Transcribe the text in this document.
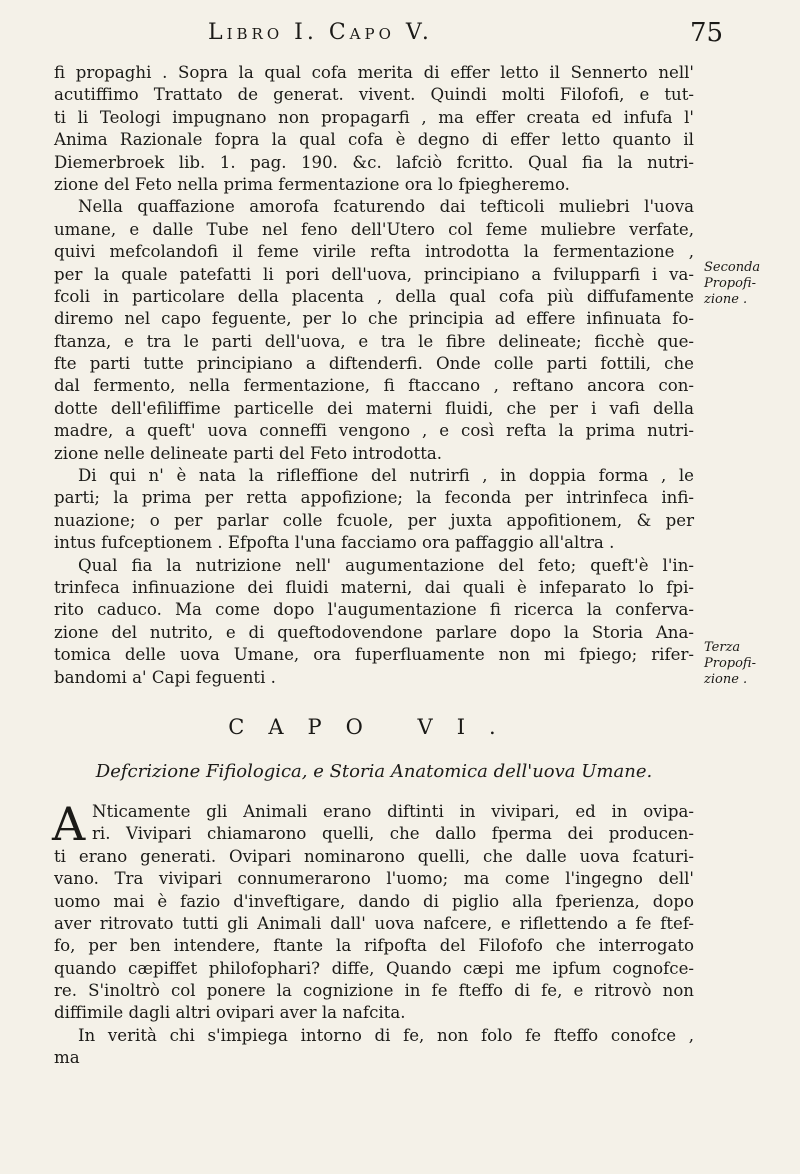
Libro I. Capo V.	75
Seconda
Propofi-
zione .
Terza
Propofi-
zione .
fi propaghi . Sopra la qual cofa merita di effer letto il Sennerto nell'
acutiffimo Trattato de generat. vivent. Quindi molti Filofofi, e tut-
ti li Teologi impugnano non propagarfi , ma effer creata ed infufa l'
Anima Razionale fopra la qual cofa è degno di effer letto quanto il
Diemerbroek lib. 1. pag. 190. &c. lafciò fcritto. Qual fia la nutri-
zione del Feto nella prima fermentazione ora lo fpiegheremo.
Nella quaffazione amorofa fcaturendo dai tefticoli muliebri l'uova
umane, e dalle Tube nel feno dell'Utero col feme muliebre verfate,
quivi mefcolandofi il feme virile refta introdotta la fermentazione ,
per la quale patefatti li pori dell'uova, principiano a fvilupparfi i va-
fcoli in particolare della placenta , della qual cofa più diffufamente
diremo nel capo feguente, per lo che principia ad effere infinuata fo-
ftanza, e tra le parti dell'uova, e tra le fibre delineate; ficchè que-
fte parti tutte principiano a diftenderfi. Onde colle parti fottili, che
dal fermento, nella fermentazione, fi ftaccano , reftano ancora con-
dotte dell'efiliffime particelle dei materni fluidi, che per i vafi della
madre, a queft' uova conneffi vengono , e così refta la prima nutri-
zione nelle delineate parti del Feto introdotta.
Di qui n' è nata la rifleffione del nutrirfi , in doppia forma , le
parti; la prima per retta appofizione; la feconda per intrinfeca infi-
nuazione; o per parlar colle fcuole, per juxta appofitionem, & per
intus fufceptionem . Efpofta l'una facciamo ora paffaggio all'altra .
Qual fia la nutrizione nell' augumentazione del feto; queft'è l'in-
trinfeca infinuazione dei fluidi materni, dai quali è infeparato lo fpi-
rito caduco. Ma come dopo l'augumentazione fi ricerca la conferva-
zione del nutrito, e di queftodovendone parlare dopo la Storia Ana-
tomica delle uova Umane, ora fuperfluamente non mi fpiego; rifer-
bandomi a' Capi feguenti .
CAPO VI.
Defcrizione Fifiologica, e Storia Anatomica dell'uova Umane.
A Nticamente gli Animali erano diftinti in vivipari, ed in ovipa-
ri. Vivipari chiamarono quelli, che dallo fperma dei producen-
ti erano generati. Ovipari nominarono quelli, che dalle uova fcaturi-
vano. Tra vivipari connumerarono l'uomo; ma come l'ingegno dell'
uomo mai è fazio d'inveftigare, dando di piglio alla fperienza, dopo
aver ritrovato tutti gli Animali dall' uova nafcere, e riflettendo a fe ftef-
fo, per ben intendere, ftante la rifpofta del Filofofo che interrogato
quando cæpiffet philofophari? diffe, Quando cæpi me ipfum cognofce-
re. S'inoltrò col ponere la cognizione in fe fteffo di fe, e ritrovò non
diffimile dagli altri ovipari aver la nafcita.
In verità chi s'impiega intorno di fe, non folo fe fteffo conofce ,
ma
